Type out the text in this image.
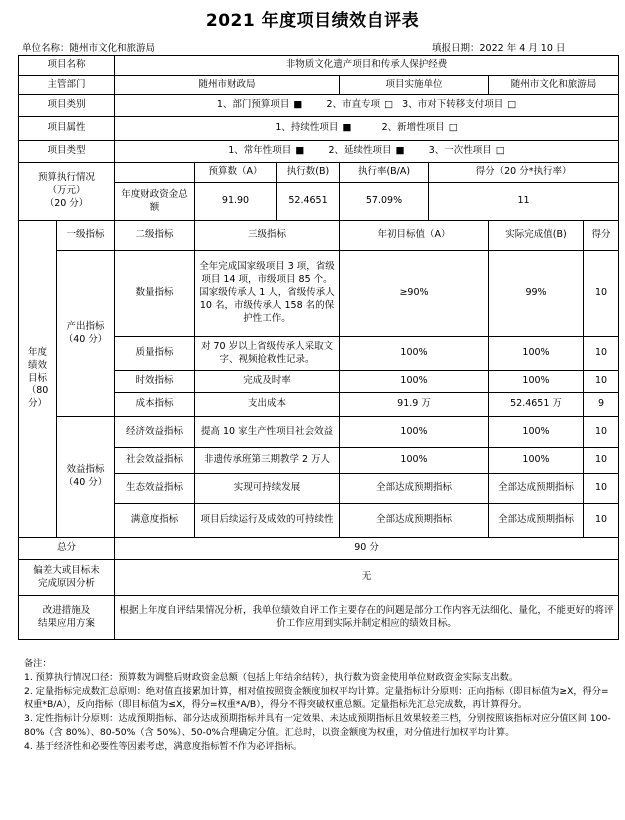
2021 年度项目绩效自评表
单位名称：随州市文化和旅游局	填报日期：2022 年 4 月 10 日
项目名称		非物质文化遗产项目和传承人保护经费						
主管部门		随州市财政局			项目实施单位		随州市文化和旅游局	
项目类别		1、部门预算项目 ■ 2、市直专项 □ 3、市对下转移支付项目 □						
项目属性		1、持续性项目 ■ 2、新增性项目 □						
项目类型		1、常年性项目 ■ 2、延续性项目 ■ 3、一次性项目 □						

预算执行情况
（万元）
（20 分）			预算数（A）	执行数(B)	执行率(B/A)	得分（20 分*执行率）		
		年度财政资金总额	91.90	52.4651	57.09%	11		

年度
绩效
目标
（80
分）	一级指标	二级指标	三级指标		年初目标值（A）		实际完成值(B)	得分

	产出指标
（40 分）	数量指标	全年完成国家级项目 3 项，省级项目 14 项，市级项目 85 个。国家级传承人 1 人，省级传承人 10 名，市级传承人 158 名的保护性工作。		≥90%		99%	10
		质量指标	对 70 岁以上省级传承人采取文字、视频抢救性记录。		100%		100%	10
		时效指标	完成及时率		100%		100%	10
		成本指标	支出成本		91.9 万		52.4651 万	9

	效益指标
（40 分）	经济效益指标	提高 10 家生产性项目社会效益		100%		100%	10
		社会效益指标	非遗传承班第三期教学 2 万人		100%		100%	10
		生态效益指标	实现可持续发展		全部达成预期指标		全部达成预期指标	10
		满意度指标	项目后续运行及成效的可持续性		全部达成预期指标		全部达成预期指标	10
总分		90 分						

偏差大或目标未
完成原因分析		无						

改进措施及
结果应用方案		根据上年度自评结果情况分析，我单位绩效自评工作主要存在的问题是部分工作内容无法细化、量化，不能更好的将评价工作应用到实际并制定相应的绩效目标。						

备注：

1. 预算执行情况口径：预算数为调整后财政资金总额（包括上年结余结转），执行数为资金使用单位财政资金实际支出数。

2. 定量指标完成数汇总原则：绝对值直接累加计算，相对值按照资金额度加权平均计算。定量指标计分原则：正向指标（即目标值为≥X，得分=权重*B/A），反向指标（即目标值为≤X，得分=权重*A/B），得分不得突破权重总额。定量指标先汇总完成数，再计算得分。

3. 定性指标计分原则：达成预期指标、部分达成预期指标并具有一定效果、未达成预期指标且效果较差三档，分别按照该指标对应分值区间 100-80%（含 80%）、80-50%（含 50%）、50-0%合理确定分值。汇总时，以资金额度为权重，对分值进行加权平均计算。

4. 基于经济性和必要性等因素考虑，满意度指标暂不作为必评指标。
